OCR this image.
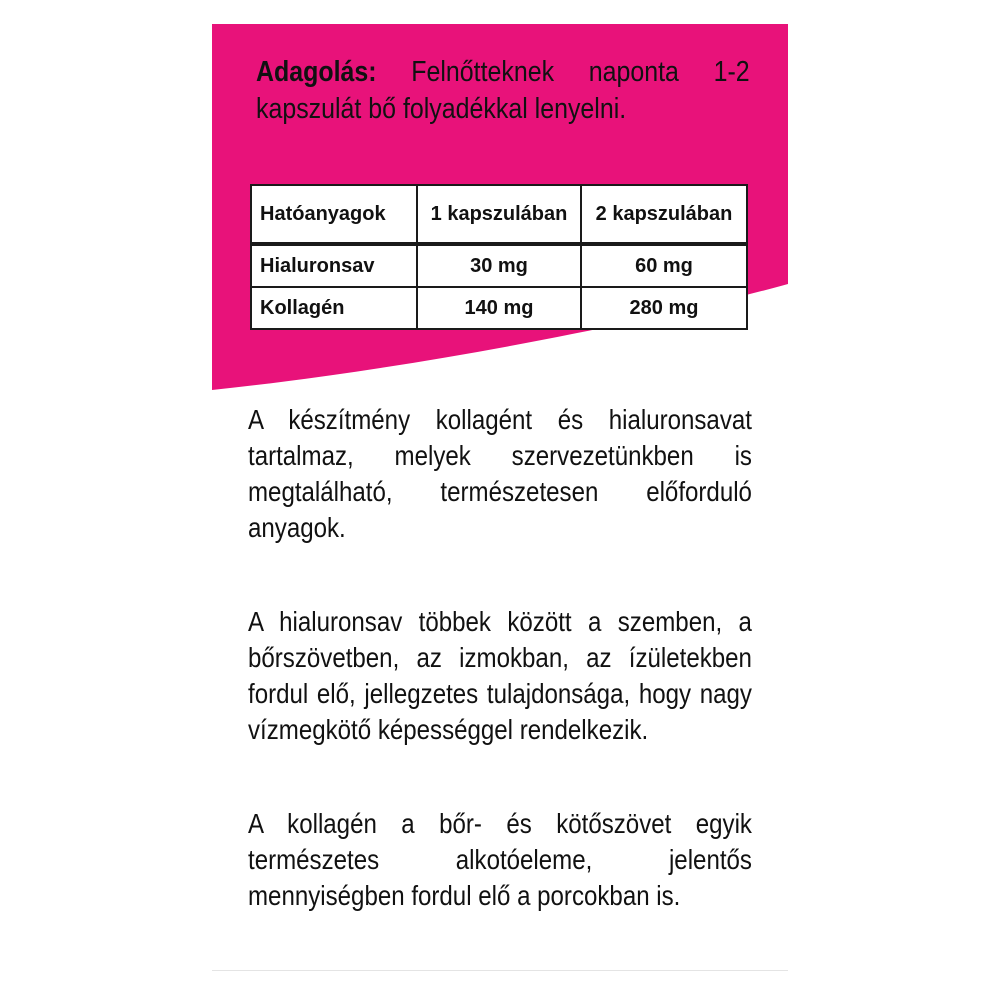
Adagolás: Felnőtteknek naponta 1-2 kapszulát bő folyadékkal lenyelni.

Hatóanyagok	1 kapszulában	2 kapszulában
Hialuronsav	30 mg	60 mg
Kollagén	140 mg	280 mg

A készítmény kollagént és hialuronsavat tartalmaz, melyek szervezetünkben is megtalálható, természetesen előforduló anyagok.

A hialuronsav többek között a szemben, a bőrszövetben, az izmokban, az ízületekben fordul elő, jellegzetes tulajdonsága, hogy nagy vízmegkötő képességgel rendelkezik.

A kollagén a bőr- és kötőszövet egyik természetes alkotóeleme, jelentős mennyiségben fordul elő a porcokban is.
